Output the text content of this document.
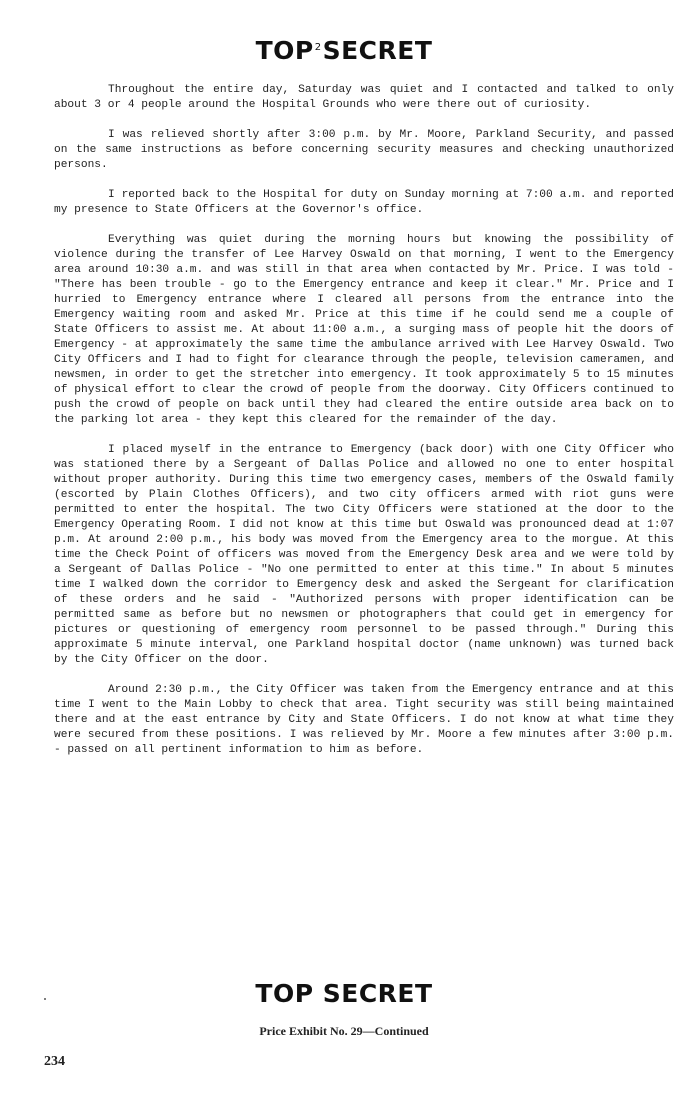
TOP$^2$SECRET

Throughout the entire day, Saturday was quiet and I contacted and talked to only about 3 or 4 people around the Hospital Grounds who were there out of curiosity.

I was relieved shortly after 3:00 p.m. by Mr. Moore, Parkland Security, and passed on the same instructions as before concerning security measures and checking unauthorized persons.

I reported back to the Hospital for duty on Sunday morning at 7:00 a.m. and reported my presence to State Officers at the Governor's office.

Everything was quiet during the morning hours but knowing the possibility of violence during the transfer of Lee Harvey Oswald on that morning, I went to the Emergency area around 10:30 a.m. and was still in that area when contacted by Mr. Price. I was told - "There has been trouble - go to the Emergency entrance and keep it clear." Mr. Price and I hurried to Emergency entrance where I cleared all persons from the entrance into the Emergency waiting room and asked Mr. Price at this time if he could send me a couple of State Officers to assist me. At about 11:00 a.m., a surging mass of people hit the doors of Emergency - at approximately the same time the ambulance arrived with Lee Harvey Oswald. Two City Officers and I had to fight for clearance through the people, television cameramen, and newsmen, in order to get the stretcher into emergency. It took approximately 5 to 15 minutes of physical effort to clear the crowd of people from the doorway. City Officers continued to push the crowd of people on back until they had cleared the entire outside area back on to the parking lot area - they kept this cleared for the remainder of the day.

I placed myself in the entrance to Emergency (back door) with one City Officer who was stationed there by a Sergeant of Dallas Police and allowed no one to enter hospital without proper authority. During this time two emergency cases, members of the Oswald family (escorted by Plain Clothes Officers), and two city officers armed with riot guns were permitted to enter the hospital. The two City Officers were stationed at the door to the Emergency Operating Room. I did not know at this time but Oswald was pronounced dead at 1:07 p.m. At around 2:00 p.m., his body was moved from the Emergency area to the morgue. At this time the Check Point of officers was moved from the Emergency Desk area and we were told by a Sergeant of Dallas Police - "No one permitted to enter at this time." In about 5 minutes time I walked down the corridor to Emergency desk and asked the Sergeant for clarification of these orders and he said - "Authorized persons with proper identification can be permitted same as before but no newsmen or photographers that could get in emergency for pictures or questioning of emergency room personnel to be passed through." During this approximate 5 minute interval, one Parkland hospital doctor (name unknown) was turned back by the City Officer on the door.

Around 2:30 p.m., the City Officer was taken from the Emergency entrance and at this time I went to the Main Lobby to check that area. Tight security was still being maintained there and at the east entrance by City and State Officers. I do not know at what time they were secured from these positions. I was relieved by Mr. Moore a few minutes after 3:00 p.m. - passed on all pertinent information to him as before.

TOP SECRET
Price Exhibit No. 29—Continued
234
